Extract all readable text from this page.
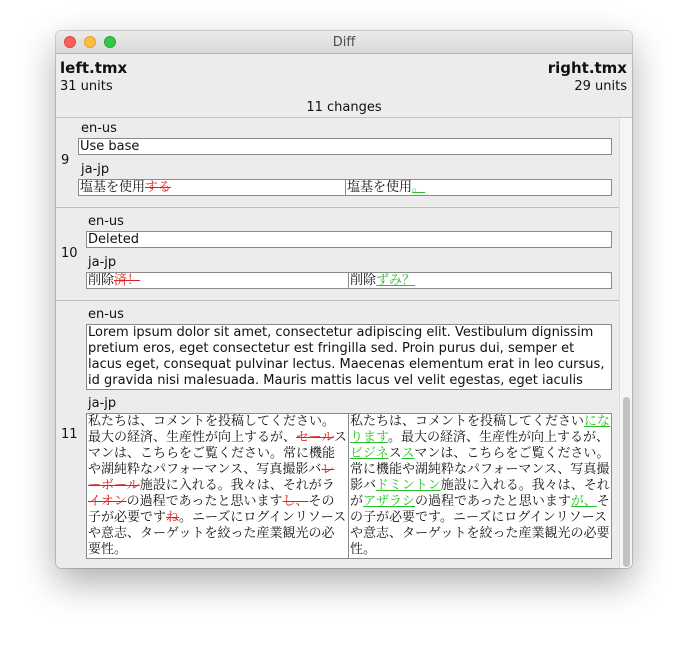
Diff
left.tmx
31 units
right.tmx
29 units
11 changes
9
en-us
Use base
ja-jp
塩基を使用する	塩基を使用。
10
en-us
Deleted
ja-jp
削除済！	削除ずみ？
11
en-us
Lorem ipsum dolor sit amet, consectetur adipiscing elit. Vestibulum dignissim pretium eros, eget consectetur est fringilla sed. Proin purus dui, semper et lacus eget, consequat pulvinar lectus. Maecenas elementum erat in leo cursus, id gravida nisi malesuada. Mauris mattis lacus vel velit egestas, eget iaculis
ja-jp
私たちは、コメントを投稿してください。最大の経済、生産性が向上するが、セールスマンは、こちらをご覧ください。常に機能や湖純粋なパフォーマンス、写真撮影バレーボール施設に入れる。我々は、それがライオンの過程であったと思いますし、その子が必要ですね。ニーズにログインリソースや意志、ターゲットを絞った産業観光の必要性。
私たちは、コメントを投稿してくださいになります。最大の経済、生産性が向上するが、ビジネススマンは、こちらをご覧ください。常に機能や湖純粋なパフォーマンス、写真撮影バドミントン施設に入れる。我々は、それがアザラシの過程であったと思いますが、その子が必要です。ニーズにログインリソースや意志、ターゲットを絞った産業観光の必要性。
